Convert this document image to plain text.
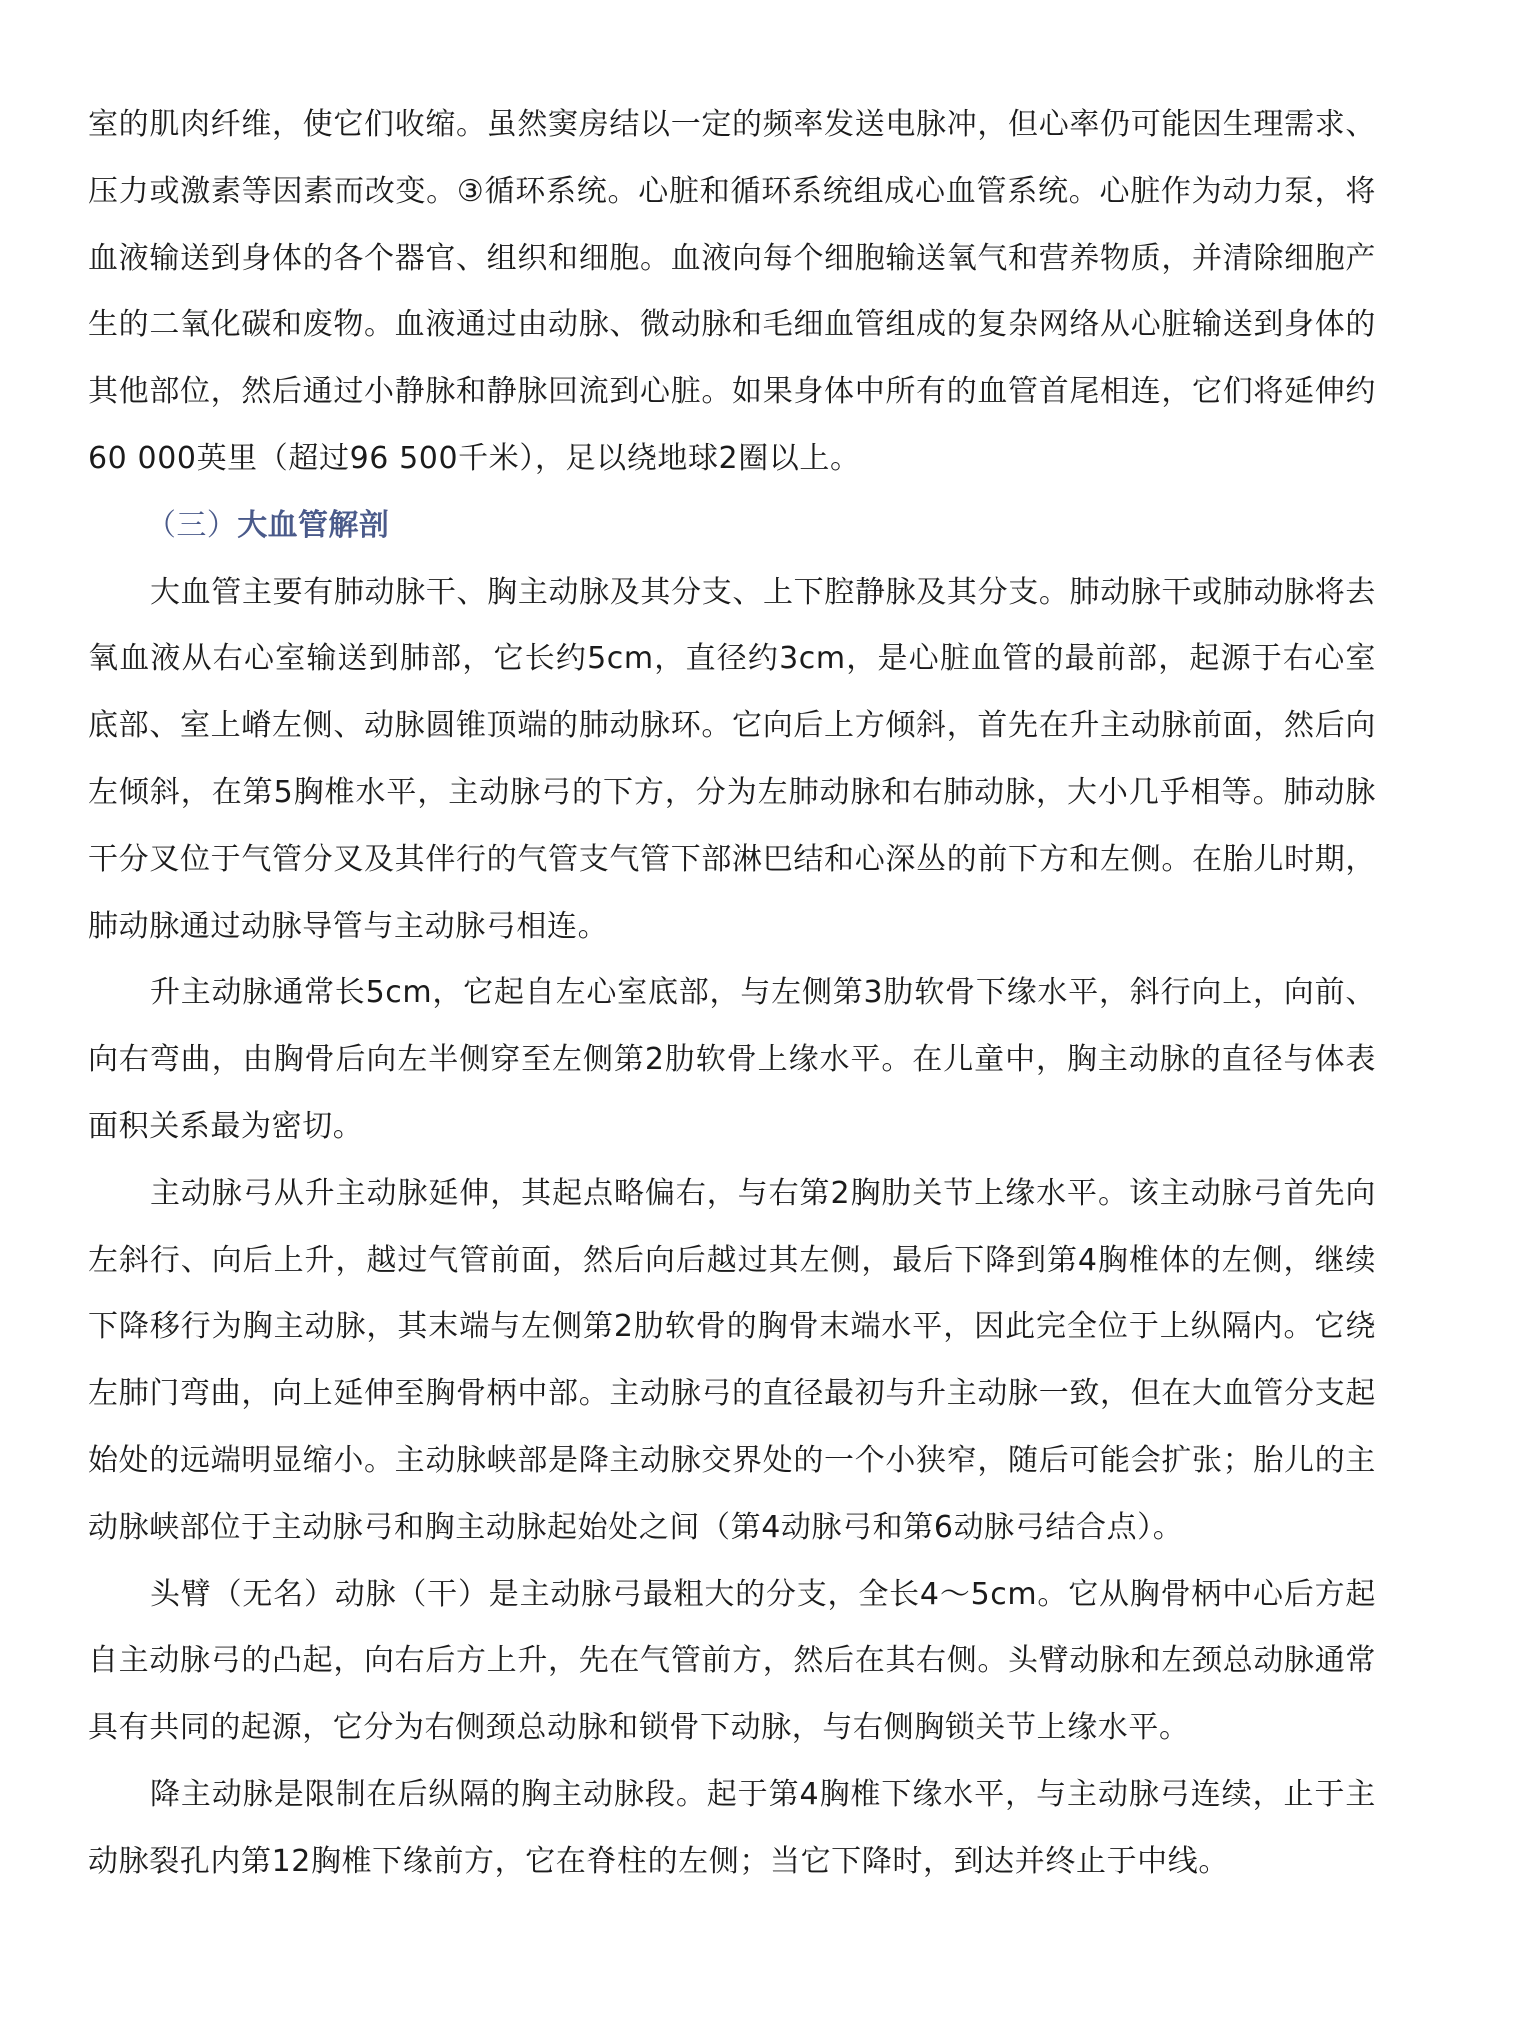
室的肌肉纤维，使它们收缩。虽然窦房结以一定的频率发送电脉冲，但心率仍可能因生理需求、压力或激素等因素而改变。③循环系统。心脏和循环系统组成心血管系统。心脏作为动力泵，将血液输送到身体的各个器官、组织和细胞。血液向每个细胞输送氧气和营养物质，并清除细胞产生的二氧化碳和废物。血液通过由动脉、微动脉和毛细血管组成的复杂网络从心脏输送到身体的其他部位，然后通过小静脉和静脉回流到心脏。如果身体中所有的血管首尾相连，它们将延伸约60 000英里（超过96 500千米），足以绕地球2圈以上。

（三）大血管解剖

大血管主要有肺动脉干、胸主动脉及其分支、上下腔静脉及其分支。肺动脉干或肺动脉将去氧血液从右心室输送到肺部，它长约5cm，直径约3cm，是心脏血管的最前部，起源于右心室底部、室上嵴左侧、动脉圆锥顶端的肺动脉环。它向后上方倾斜，首先在升主动脉前面，然后向左倾斜，在第5胸椎水平，主动脉弓的下方，分为左肺动脉和右肺动脉，大小几乎相等。肺动脉干分叉位于气管分叉及其伴行的气管支气管下部淋巴结和心深丛的前下方和左侧。在胎儿时期，肺动脉通过动脉导管与主动脉弓相连。

升主动脉通常长5cm，它起自左心室底部，与左侧第3肋软骨下缘水平，斜行向上，向前、向右弯曲，由胸骨后向左半侧穿至左侧第2肋软骨上缘水平。在儿童中，胸主动脉的直径与体表面积关系最为密切。

主动脉弓从升主动脉延伸，其起点略偏右，与右第2胸肋关节上缘水平。该主动脉弓首先向左斜行、向后上升，越过气管前面，然后向后越过其左侧，最后下降到第4胸椎体的左侧，继续下降移行为胸主动脉，其末端与左侧第2肋软骨的胸骨末端水平，因此完全位于上纵隔内。它绕左肺门弯曲，向上延伸至胸骨柄中部。主动脉弓的直径最初与升主动脉一致，但在大血管分支起始处的远端明显缩小。主动脉峡部是降主动脉交界处的一个小狭窄，随后可能会扩张；胎儿的主动脉峡部位于主动脉弓和胸主动脉起始处之间（第4动脉弓和第6动脉弓结合点）。

头臂（无名）动脉（干）是主动脉弓最粗大的分支，全长4～5cm。它从胸骨柄中心后方起自主动脉弓的凸起，向右后方上升，先在气管前方，然后在其右侧。头臂动脉和左颈总动脉通常具有共同的起源，它分为右侧颈总动脉和锁骨下动脉，与右侧胸锁关节上缘水平。

降主动脉是限制在后纵隔的胸主动脉段。起于第4胸椎下缘水平，与主动脉弓连续，止于主动脉裂孔内第12胸椎下缘前方，它在脊柱的左侧；当它下降时，到达并终止于中线。
